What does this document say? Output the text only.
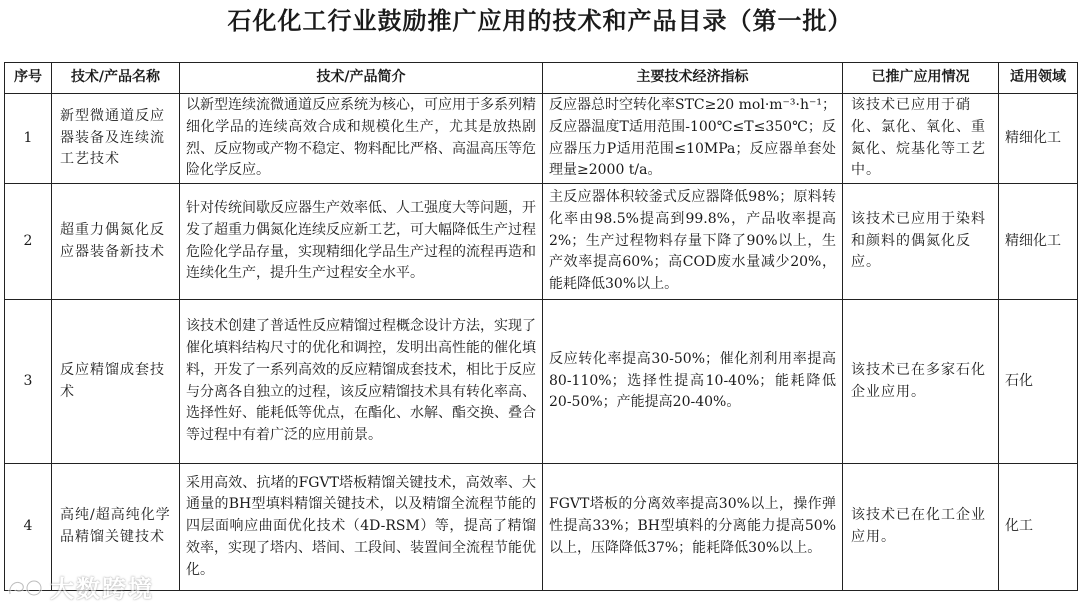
石化化工行业鼓励推广应用的技术和产品目录（第一批）
序号	技术/产品名称	技术/产品简介	主要技术经济指标	已推广应用情况	适用领域
1	新型微通道反应器装备及连续流工艺技术	以新型连续流微通道反应系统为核心，可应用于多系列精细化学品的连续高效合成和规模化生产，尤其是放热剧烈、反应物或产物不稳定、物料配比严格、高温高压等危险化学反应。	反应器总时空转化率STC≥20 mol·m⁻³·h⁻¹；反应器温度T适用范围-100℃≤T≤350℃；反应器压力P适用范围≤10MPa；反应器单套处理量≥2000 t/a。	该技术已应用于硝化、氯化、氧化、重氮化、烷基化等工艺中。	精细化工
2	超重力偶氮化反应器装备新技术	针对传统间歇反应器生产效率低、人工强度大等问题，开发了超重力偶氮化连续反应新工艺，可大幅降低生产过程危险化学品存量，实现精细化学品生产过程的流程再造和连续化生产，提升生产过程安全水平。	主反应器体积较釜式反应器降低98%；原料转化率由98.5%提高到99.8%，产品收率提高2%；生产过程物料存量下降了90%以上，生产效率提高60%；高COD废水量减少20%，能耗降低30%以上。	该技术已应用于染料和颜料的偶氮化反应。	精细化工
3	反应精馏成套技术	该技术创建了普适性反应精馏过程概念设计方法，实现了催化填料结构尺寸的优化和调控，发明出高性能的催化填料，开发了一系列高效的反应精馏成套技术，相比于反应与分离各自独立的过程，该反应精馏技术具有转化率高、选择性好、能耗低等优点，在酯化、水解、酯交换、叠合等过程中有着广泛的应用前景。	反应转化率提高30-50%；催化剂利用率提高80-110%；选择性提高10-40%；能耗降低20-50%；产能提高20-40%。	该技术已在多家石化企业应用。	石化
4	高纯/超高纯化学品精馏关键技术	采用高效、抗堵的FGVT塔板精馏关键技术，高效率、大通量的BH型填料精馏关键技术，以及精馏全流程节能的四层面响应曲面优化技术（4D-RSM）等，提高了精馏效率，实现了塔内、塔间、工段间、装置间全流程节能优化。	FGVT塔板的分离效率提高30%以上，操作弹性提高33%；BH型填料的分离能力提高50%以上，压降降低37%；能耗降低30%以上。	该技术已在化工企业应用。	化工
大数跨境
